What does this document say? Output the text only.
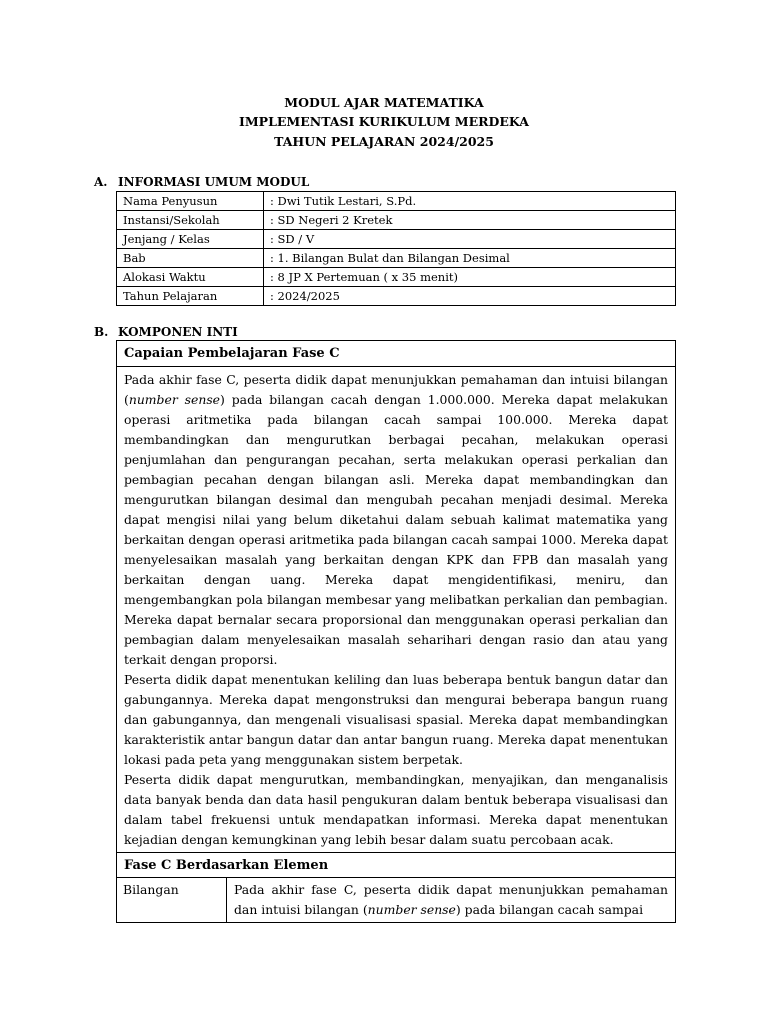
MODUL AJAR MATEMATIKA
IMPLEMENTASI KURIKULUM MERDEKA
TAHUN PELAJARAN 2024/2025
A. INFORMASI UMUM MODUL
Nama Penyusun	: Dwi Tutik Lestari, S.Pd.
Instansi/Sekolah	: SD Negeri 2 Kretek
Jenjang / Kelas	: SD / V
Bab	: 1. Bilangan Bulat dan Bilangan Desimal
Alokasi Waktu	: 8 JP X Pertemuan ( x 35 menit)
Tahun Pelajaran	: 2024/2025
B. KOMPONEN INTI
Capaian Pembelajaran Fase C

Pada akhir fase C, peserta didik dapat menunjukkan pemahaman dan intuisi bilangan (number sense) pada bilangan cacah dengan 1.000.000. Mereka dapat melakukan operasi aritmetika pada bilangan cacah sampai 100.000. Mereka dapat membandingkan dan mengurutkan berbagai pecahan, melakukan operasi penjumlahan dan pengurangan pecahan, serta melakukan operasi perkalian dan pembagian pecahan dengan bilangan asli. Mereka dapat membandingkan dan mengurutkan bilangan desimal dan mengubah pecahan menjadi desimal. Mereka dapat mengisi nilai yang belum diketahui dalam sebuah kalimat matematika yang berkaitan dengan operasi aritmetika pada bilangan cacah sampai 1000. Mereka dapat menyelesaikan masalah yang berkaitan dengan KPK dan FPB dan masalah yang berkaitan dengan uang. Mereka dapat mengidentifikasi, meniru, dan mengembangkan pola bilangan membesar yang melibatkan perkalian dan pembagian. Mereka dapat bernalar secara proporsional dan menggunakan operasi perkalian dan pembagian dalam menyelesaikan masalah seharihari dengan rasio dan atau yang terkait dengan proporsi.

Peserta didik dapat menentukan keliling dan luas beberapa bentuk bangun datar dan gabungannya. Mereka dapat mengonstruksi dan mengurai beberapa bangun ruang dan gabungannya, dan mengenali visualisasi spasial. Mereka dapat membandingkan karakteristik antar bangun datar dan antar bangun ruang. Mereka dapat menentukan lokasi pada peta yang menggunakan sistem berpetak.

Peserta didik dapat mengurutkan, membandingkan, menyajikan, dan menganalisis data banyak benda dan data hasil pengukuran dalam bentuk beberapa visualisasi dan dalam tabel frekuensi untuk mendapatkan informasi. Mereka dapat menentukan kejadian dengan kemungkinan yang lebih besar dalam suatu percobaan acak.

Fase C Berdasarkan Elemen
Bilangan	Pada akhir fase C, peserta didik dapat menunjukkan pemahaman dan intuisi bilangan (number sense) pada bilangan cacah sampai
